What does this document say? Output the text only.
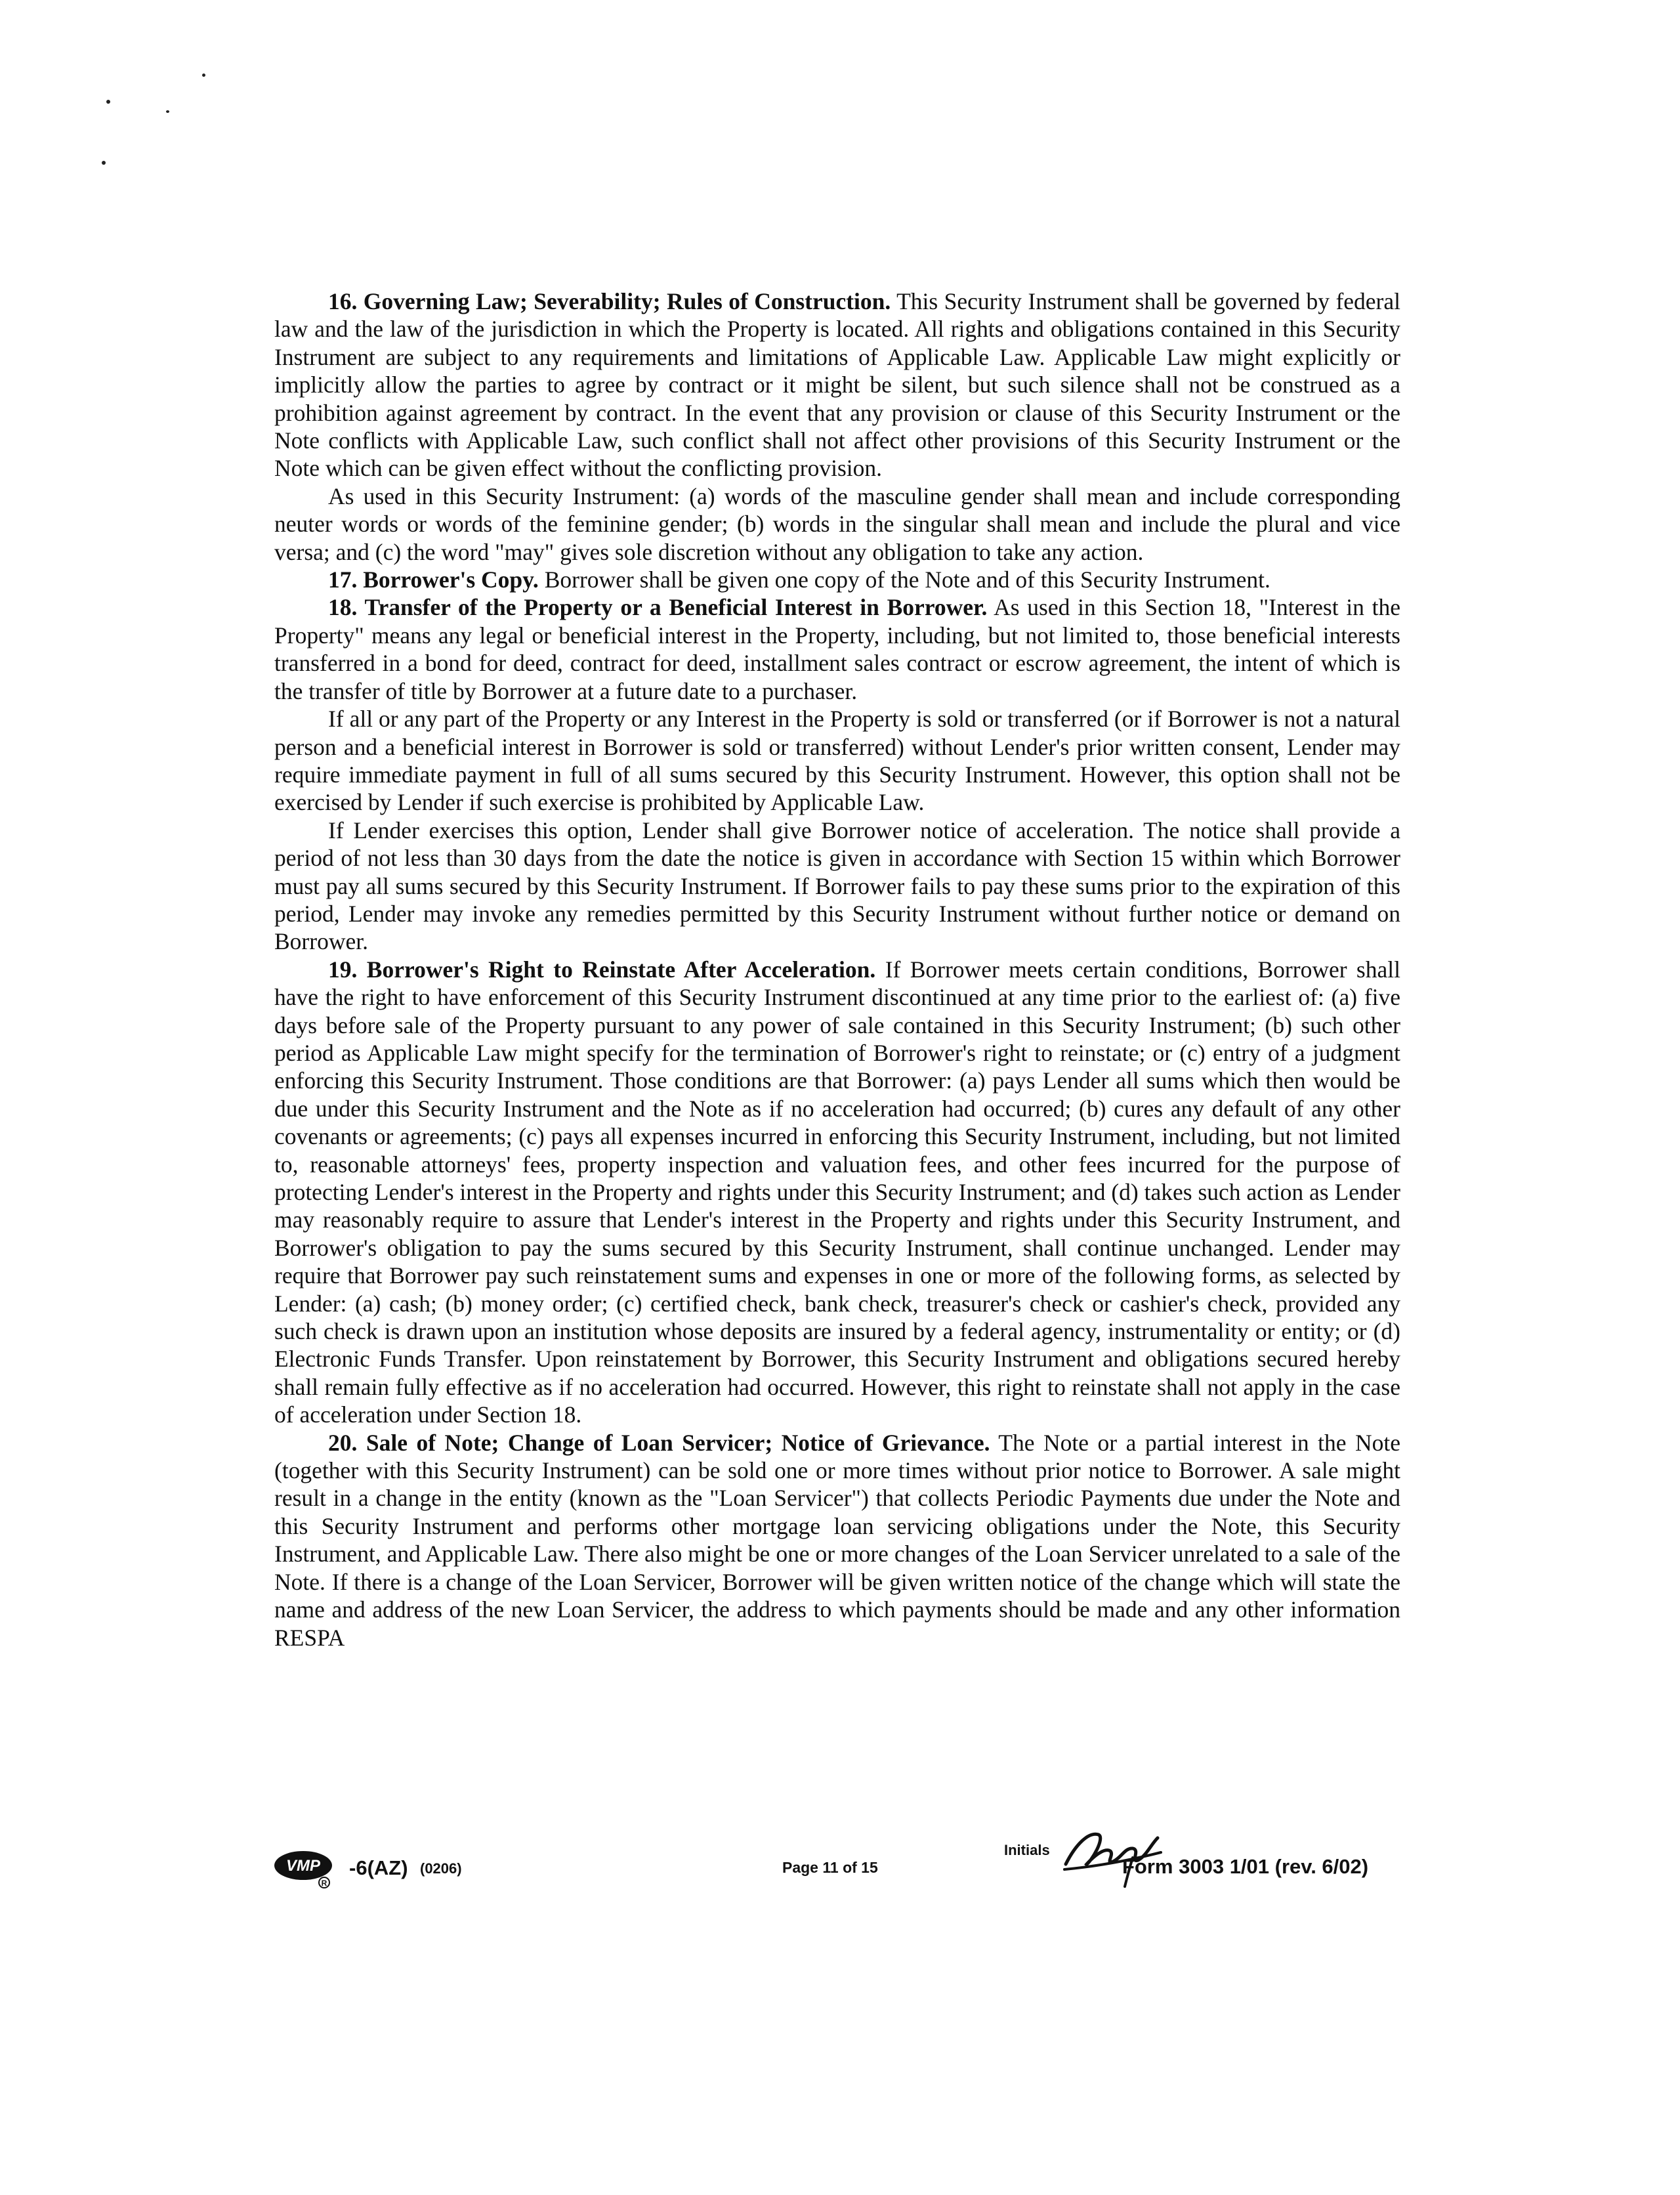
16. Governing Law; Severability; Rules of Construction. This Security Instrument shall be governed by federal law and the law of the jurisdiction in which the Property is located. All rights and obligations contained in this Security Instrument are subject to any requirements and limitations of Applicable Law. Applicable Law might explicitly or implicitly allow the parties to agree by contract or it might be silent, but such silence shall not be construed as a prohibition against agreement by contract. In the event that any provision or clause of this Security Instrument or the Note conflicts with Applicable Law, such conflict shall not affect other provisions of this Security Instrument or the Note which can be given effect without the conflicting provision.

As used in this Security Instrument: (a) words of the masculine gender shall mean and include corresponding neuter words or words of the feminine gender; (b) words in the singular shall mean and include the plural and vice versa; and (c) the word "may" gives sole discretion without any obligation to take any action.

17. Borrower's Copy. Borrower shall be given one copy of the Note and of this Security Instrument.

18. Transfer of the Property or a Beneficial Interest in Borrower. As used in this Section 18, "Interest in the Property" means any legal or beneficial interest in the Property, including, but not limited to, those beneficial interests transferred in a bond for deed, contract for deed, installment sales contract or escrow agreement, the intent of which is the transfer of title by Borrower at a future date to a purchaser.

If all or any part of the Property or any Interest in the Property is sold or transferred (or if Borrower is not a natural person and a beneficial interest in Borrower is sold or transferred) without Lender's prior written consent, Lender may require immediate payment in full of all sums secured by this Security Instrument. However, this option shall not be exercised by Lender if such exercise is prohibited by Applicable Law.

If Lender exercises this option, Lender shall give Borrower notice of acceleration. The notice shall provide a period of not less than 30 days from the date the notice is given in accordance with Section 15 within which Borrower must pay all sums secured by this Security Instrument. If Borrower fails to pay these sums prior to the expiration of this period, Lender may invoke any remedies permitted by this Security Instrument without further notice or demand on Borrower.

19. Borrower's Right to Reinstate After Acceleration. If Borrower meets certain conditions, Borrower shall have the right to have enforcement of this Security Instrument discontinued at any time prior to the earliest of: (a) five days before sale of the Property pursuant to any power of sale contained in this Security Instrument; (b) such other period as Applicable Law might specify for the termination of Borrower's right to reinstate; or (c) entry of a judgment enforcing this Security Instrument. Those conditions are that Borrower: (a) pays Lender all sums which then would be due under this Security Instrument and the Note as if no acceleration had occurred; (b) cures any default of any other covenants or agreements; (c) pays all expenses incurred in enforcing this Security Instrument, including, but not limited to, reasonable attorneys' fees, property inspection and valuation fees, and other fees incurred for the purpose of protecting Lender's interest in the Property and rights under this Security Instrument; and (d) takes such action as Lender may reasonably require to assure that Lender's interest in the Property and rights under this Security Instrument, and Borrower's obligation to pay the sums secured by this Security Instrument, shall continue unchanged. Lender may require that Borrower pay such reinstatement sums and expenses in one or more of the following forms, as selected by Lender: (a) cash; (b) money order; (c) certified check, bank check, treasurer's check or cashier's check, provided any such check is drawn upon an institution whose deposits are insured by a federal agency, instrumentality or entity; or (d) Electronic Funds Transfer. Upon reinstatement by Borrower, this Security Instrument and obligations secured hereby shall remain fully effective as if no acceleration had occurred. However, this right to reinstate shall not apply in the case of acceleration under Section 18.

20. Sale of Note; Change of Loan Servicer; Notice of Grievance. The Note or a partial interest in the Note (together with this Security Instrument) can be sold one or more times without prior notice to Borrower. A sale might result in a change in the entity (known as the "Loan Servicer") that collects Periodic Payments due under the Note and this Security Instrument and performs other mortgage loan servicing obligations under the Note, this Security Instrument, and Applicable Law. There also might be one or more changes of the Loan Servicer unrelated to a sale of the Note. If there is a change of the Loan Servicer, Borrower will be given written notice of the change which will state the name and address of the new Loan Servicer, the address to which payments should be made and any other information RESPA

VMP
R
-6(AZ) (0206)	Page 11 of 15
Initials
Form 3003 1/01 (rev. 6/02)
